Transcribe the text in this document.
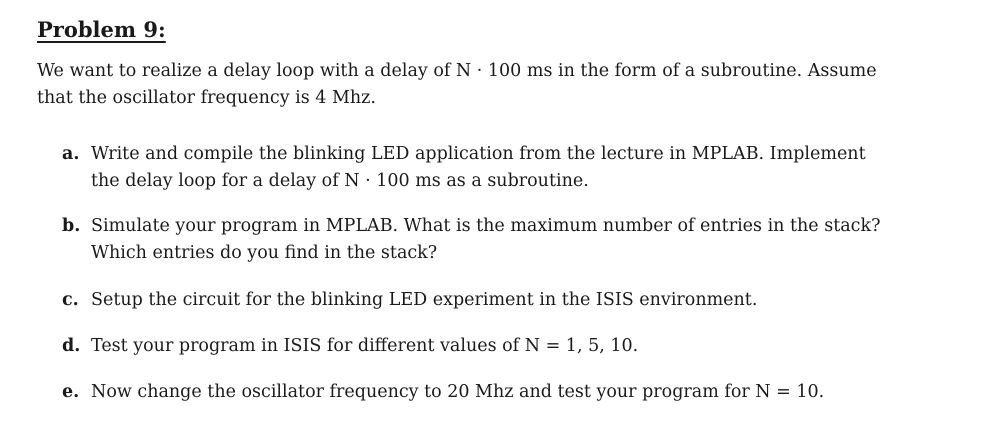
Problem 9:
We want to realize a delay loop with a delay of N · 100 ms in the form of a subroutine. Assume
that the oscillator frequency is 4 Mhz.
a. Write and compile the blinking LED application from the lecture in MPLAB. Implement
the delay loop for a delay of N · 100 ms as a subroutine.
b. Simulate your program in MPLAB. What is the maximum number of entries in the stack?
Which entries do you find in the stack?
c. Setup the circuit for the blinking LED experiment in the ISIS environment.
d. Test your program in ISIS for different values of N = 1, 5, 10.
e. Now change the oscillator frequency to 20 Mhz and test your program for N = 10.
